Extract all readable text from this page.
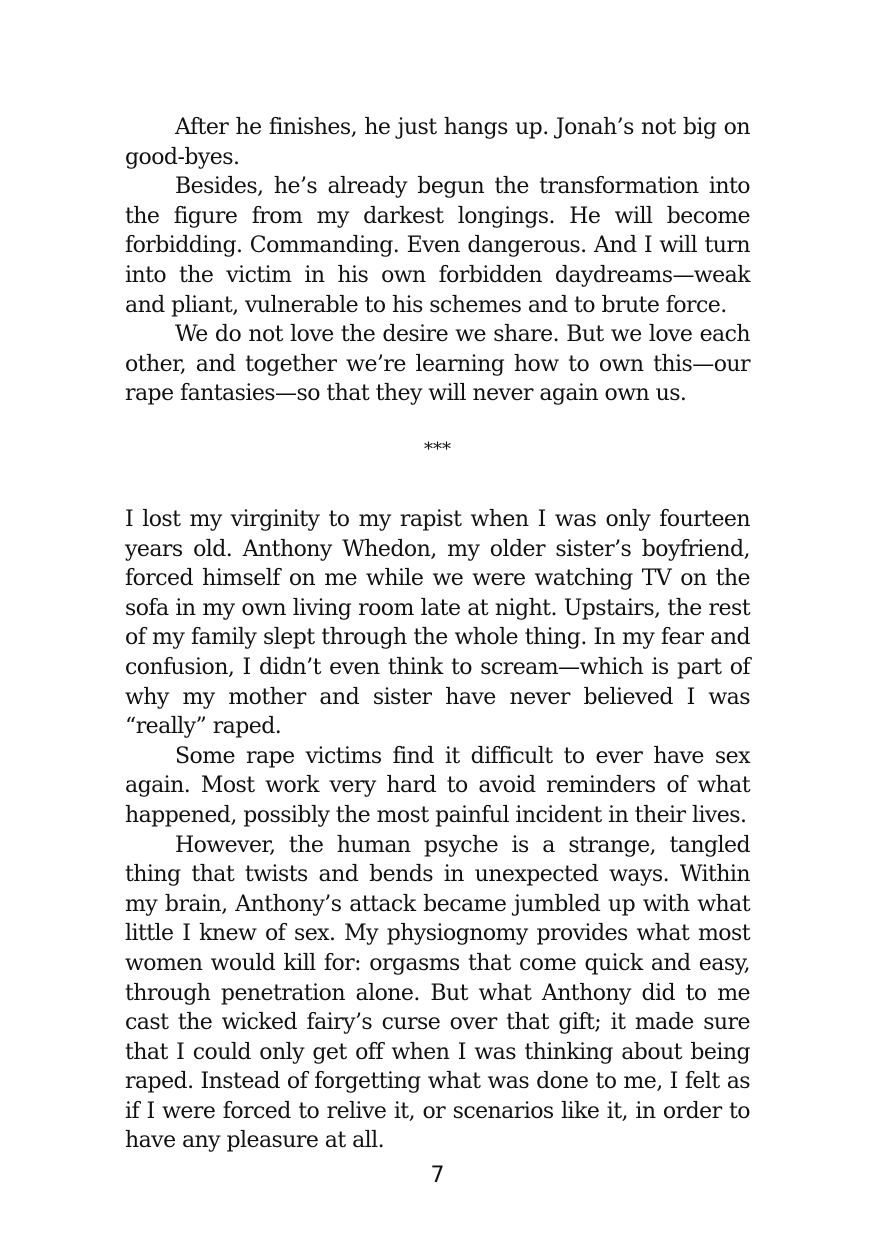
After he finishes, he just hangs up. Jonah’s not big on good-byes.

Besides, he’s already begun the transformation into the figure from my darkest longings. He will become forbidding. Commanding. Even dangerous. And I will turn into the victim in his own forbidden daydreams—weak and pliant, vulnerable to his schemes and to brute force.

We do not love the desire we share. But we love each other, and together we’re learning how to own this—our rape fantasies—so that they will never again own us.

***

I lost my virginity to my rapist when I was only fourteen years old. Anthony Whedon, my older sister’s boyfriend, forced himself on me while we were watching TV on the sofa in my own living room late at night. Upstairs, the rest of my family slept through the whole thing. In my fear and confusion, I didn’t even think to scream—which is part of why my mother and sister have never believed I was “really” raped.

Some rape victims find it difficult to ever have sex again. Most work very hard to avoid reminders of what happened, possibly the most painful incident in their lives.

However, the human psyche is a strange, tangled thing that twists and bends in unexpected ways. Within my brain, Anthony’s attack became jumbled up with what little I knew of sex. My physiognomy provides what most women would kill for: orgasms that come quick and easy, through penetration alone. But what Anthony did to me cast the wicked fairy’s curse over that gift; it made sure that I could only get off when I was thinking about being raped. Instead of forgetting what was done to me, I felt as if I were forced to relive it, or scenarios like it, in order to have any pleasure at all.

7
